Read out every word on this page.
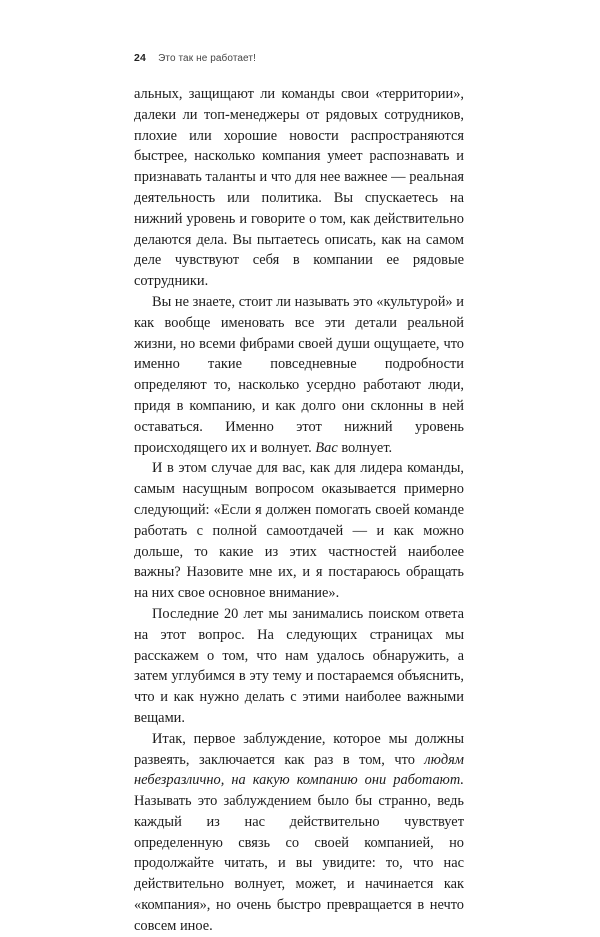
24 Это так не работает!

альных, защищают ли команды свои «территории», далеки ли топ-менеджеры от рядовых сотрудников, плохие или хорошие новости распространяются быстрее, насколько компания умеет распознавать и признавать таланты и что для нее важнее — реальная деятельность или политика. Вы спускаетесь на нижний уровень и говорите о том, как действительно делаются дела. Вы пытаетесь описать, как на самом деле чувствуют себя в компании ее рядовые сотрудники.

Вы не знаете, стоит ли называть это «культурой» и как вообще именовать все эти детали реальной жизни, но всеми фибрами своей души ощущаете, что именно такие повседневные подробности определяют то, насколько усердно работают люди, придя в компанию, и как долго они склонны в ней оставаться. Именно этот нижний уровень происходящего их и волнует. Вас волнует.

И в этом случае для вас, как для лидера команды, самым насущным вопросом оказывается примерно следующий: «Если я должен помогать своей команде работать с полной самоотдачей — и как можно дольше, то какие из этих частностей наиболее важны? Назовите мне их, и я постараюсь обращать на них свое основное внимание».

Последние 20 лет мы занимались поиском ответа на этот вопрос. На следующих страницах мы расскажем о том, что нам удалось обнаружить, а затем углубимся в эту тему и постараемся объяснить, что и как нужно делать с этими наиболее важными вещами.

Итак, первое заблуждение, которое мы должны развеять, заключается как раз в том, что людям небезразлично, на какую компанию они работают. Называть это заблуждением было бы странно, ведь каждый из нас действительно чувствует определенную связь со своей компанией, но продолжайте читать, и вы увидите: то, что нас действительно волнует, может, и начинается как «компания», но очень быстро превращается в нечто совсем иное.
